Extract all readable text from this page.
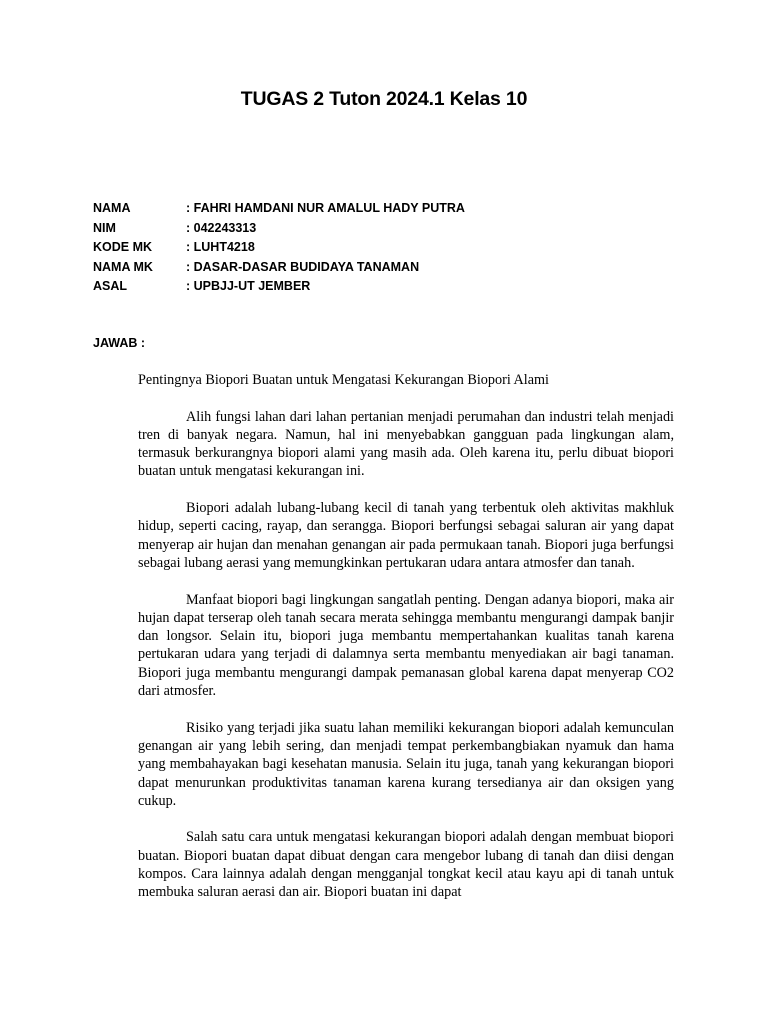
TUGAS 2 Tuton 2024.1 Kelas 10
NAMA	: FAHRI HAMDANI NUR AMALUL HADY PUTRA
NIM	: 042243313
KODE MK	: LUHT4218
NAMA MK	: DASAR-DASAR BUDIDAYA TANAMAN
ASAL	: UPBJJ-UT JEMBER
JAWAB :

Pentingnya Biopori Buatan untuk Mengatasi Kekurangan Biopori Alami

Alih fungsi lahan dari lahan pertanian menjadi perumahan dan industri telah menjadi tren di banyak negara. Namun, hal ini menyebabkan gangguan pada lingkungan alam, termasuk berkurangnya biopori alami yang masih ada. Oleh karena itu, perlu dibuat biopori buatan untuk mengatasi kekurangan ini.

Biopori adalah lubang-lubang kecil di tanah yang terbentuk oleh aktivitas makhluk hidup, seperti cacing, rayap, dan serangga. Biopori berfungsi sebagai saluran air yang dapat menyerap air hujan dan menahan genangan air pada permukaan tanah. Biopori juga berfungsi sebagai lubang aerasi yang memungkinkan pertukaran udara antara atmosfer dan tanah.

Manfaat biopori bagi lingkungan sangatlah penting. Dengan adanya biopori, maka air hujan dapat terserap oleh tanah secara merata sehingga membantu mengurangi dampak banjir dan longsor. Selain itu, biopori juga membantu mempertahankan kualitas tanah karena pertukaran udara yang terjadi di dalamnya serta membantu menyediakan air bagi tanaman. Biopori juga membantu mengurangi dampak pemanasan global karena dapat menyerap CO2 dari atmosfer.

Risiko yang terjadi jika suatu lahan memiliki kekurangan biopori adalah kemunculan genangan air yang lebih sering, dan menjadi tempat perkembangbiakan nyamuk dan hama yang membahayakan bagi kesehatan manusia. Selain itu juga, tanah yang kekurangan biopori dapat menurunkan produktivitas tanaman karena kurang tersedianya air dan oksigen yang cukup.

Salah satu cara untuk mengatasi kekurangan biopori adalah dengan membuat biopori buatan. Biopori buatan dapat dibuat dengan cara mengebor lubang di tanah dan diisi dengan kompos. Cara lainnya adalah dengan mengganjal tongkat kecil atau kayu api di tanah untuk membuka saluran aerasi dan air. Biopori buatan ini dapat
